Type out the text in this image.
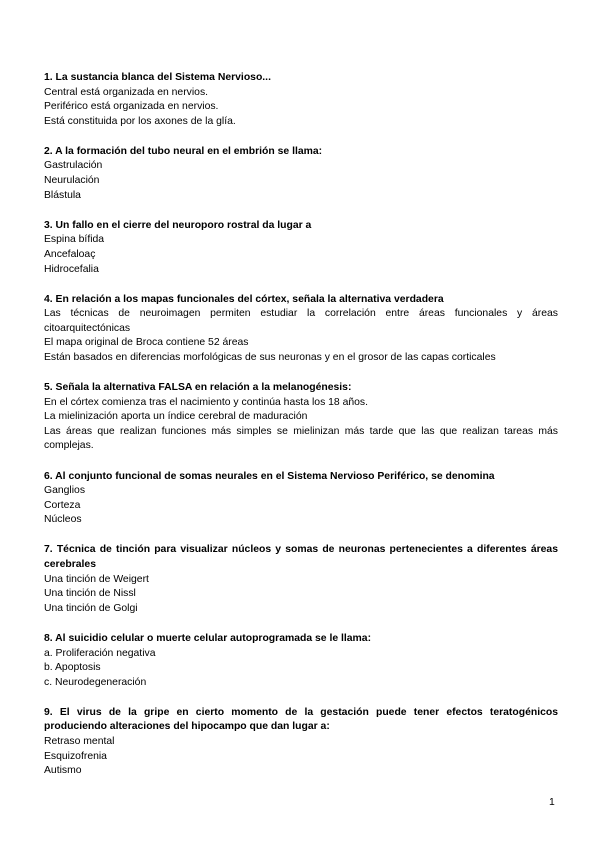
1. La sustancia blanca del Sistema Nervioso...
Central está organizada en nervios.
Periférico está organizada en nervios.
Está constituida por los axones de la glía.
2. A la formación del tubo neural en el embrión se llama:
Gastrulación
Neurulación
Blástula
3. Un fallo en el cierre del neuroporo rostral da lugar a
Espina bífida
Ancefaloaç
Hidrocefalia
4. En relación a los mapas funcionales del córtex, señala la alternativa verdadera
Las técnicas de neuroimagen permiten estudiar la correlación entre áreas funcionales y áreas citoarquitectónicas
El mapa original de Broca contiene 52 áreas
Están basados en diferencias morfológicas de sus neuronas y en el grosor de las capas corticales
5. Señala la alternativa FALSA en relación a la melanogénesis:
En el córtex comienza tras el nacimiento y continúa hasta los 18 años.
La mielinización aporta un índice cerebral de maduración
Las áreas que realizan funciones más simples se mielinizan más tarde que las que realizan tareas más complejas.
6. Al conjunto funcional de somas neurales en el Sistema Nervioso Periférico, se denomina
Ganglios
Corteza
Núcleos
7. Técnica de tinción para visualizar núcleos y somas de neuronas pertenecientes a diferentes áreas cerebrales
Una tinción de Weigert
Una tinción de Nissl
Una tinción de Golgi
8. Al suicidio celular o muerte celular autoprogramada se le llama:
a. Proliferación negativa
b. Apoptosis
c. Neurodegeneración
9. El virus de la gripe en cierto momento de la gestación puede tener efectos teratogénicos produciendo alteraciones del hipocampo que dan lugar a:
Retraso mental
Esquizofrenia
Autismo
1
